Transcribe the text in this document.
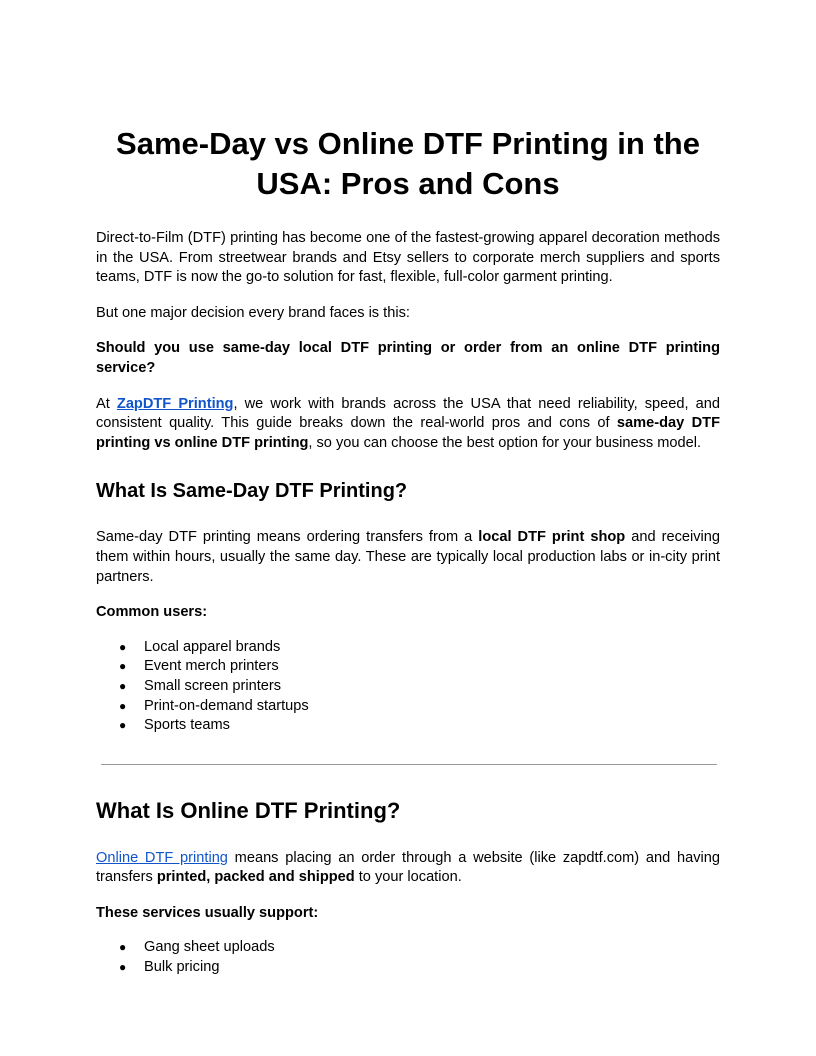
Same-Day vs Online DTF Printing in the USA: Pros and Cons

Direct-to-Film (DTF) printing has become one of the fastest-growing apparel decoration methods in the USA. From streetwear brands and Etsy sellers to corporate merch suppliers and sports teams, DTF is now the go-to solution for fast, flexible, full-color garment printing.

But one major decision every brand faces is this:

Should you use same-day local DTF printing or order from an online DTF printing service?

At ZapDTF Printing, we work with brands across the USA that need reliability, speed, and consistent quality. This guide breaks down the real-world pros and cons of same-day DTF printing vs online DTF printing, so you can choose the best option for your business model.

What Is Same-Day DTF Printing?

Same-day DTF printing means ordering transfers from a local DTF print shop and receiving them within hours, usually the same day. These are typically local production labs or in-city print partners.

Common users:
● Local apparel brands
● Event merch printers
● Small screen printers
● Print-on-demand startups
● Sports teams
What Is Online DTF Printing?

Online DTF printing means placing an order through a website (like zapdtf.com) and having transfers printed, packed and shipped to your location.

These services usually support:
● Gang sheet uploads
● Bulk pricing
